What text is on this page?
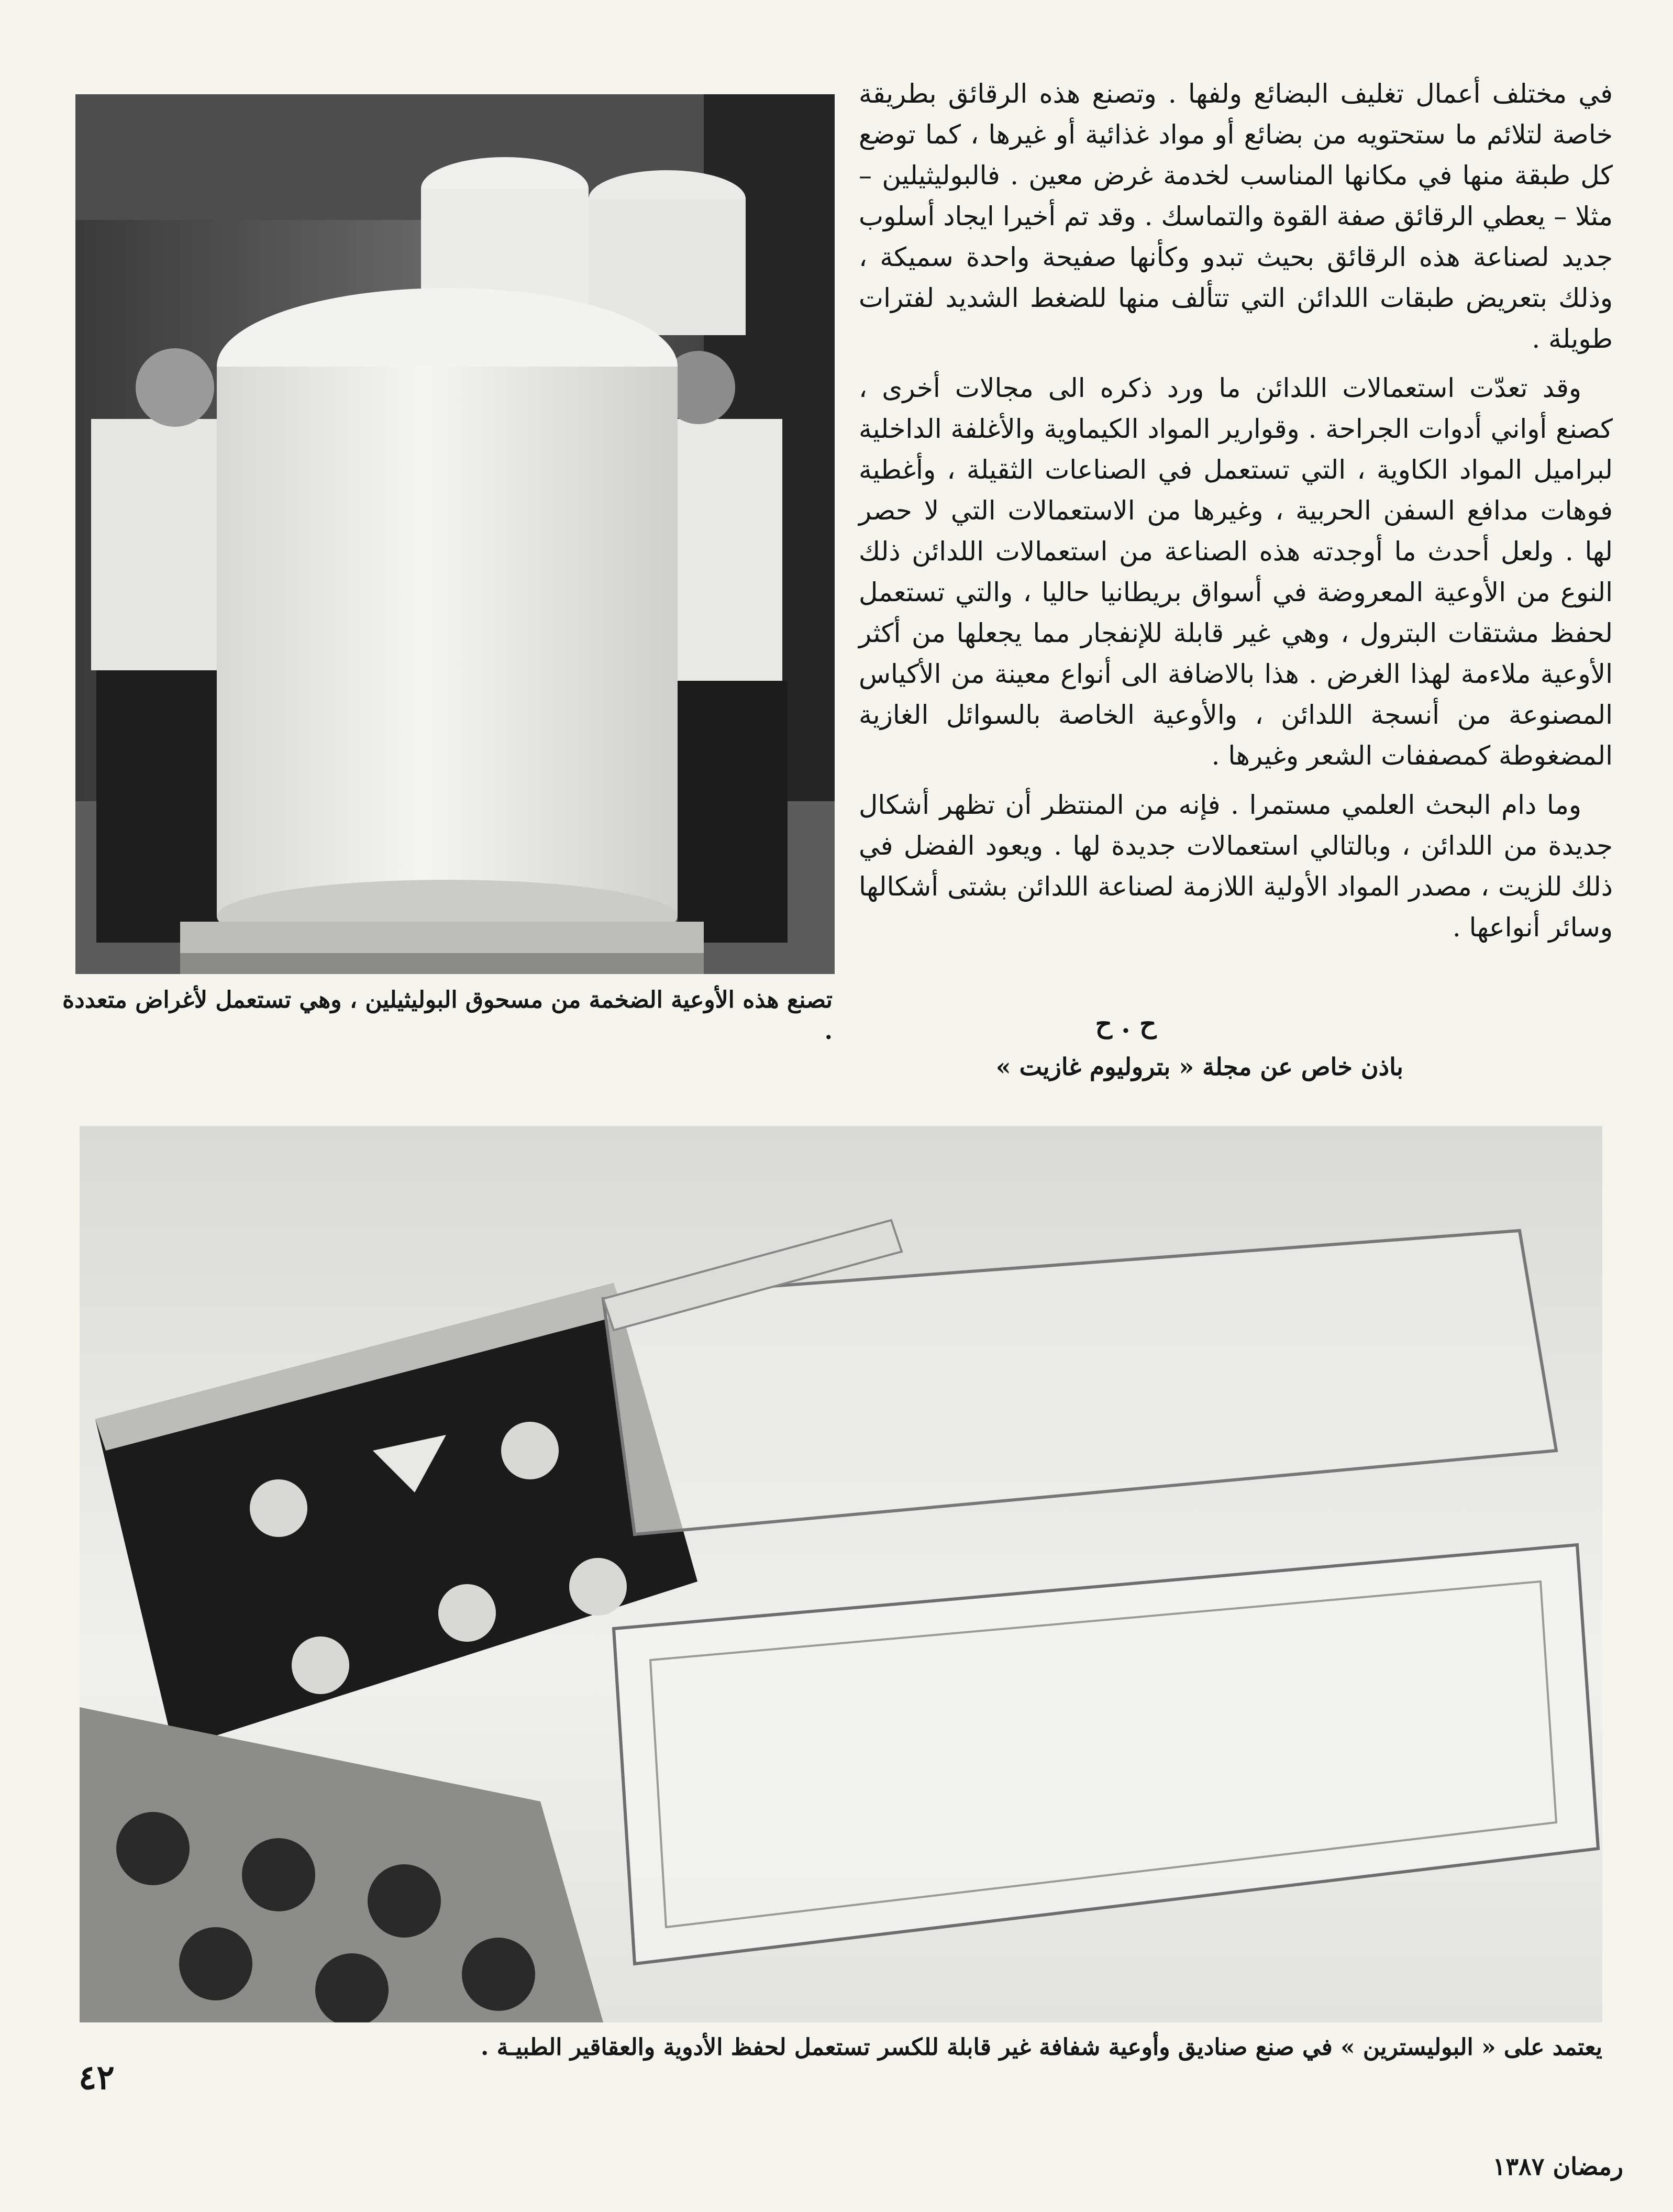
في مختلف أعمال تغليف البضائع ولفها . وتصنع هذه الرقائق بطريقة خاصة لتلائم ما ستحتويه من بضائع أو مواد غذائية أو غيرها ، كما توضع كل طبقة منها في مكانها المناسب لخدمة غرض معين . فالبوليثيلين – مثلا – يعطي الرقائق صفة القوة والتماسك . وقد تم أخيرا ايجاد أسلوب جديد لصناعة هذه الرقائق بحيث تبدو وكأنها صفيحة واحدة سميكة ، وذلك بتعريض طبقات اللدائن التي تتألف منها للضغط الشديد لفترات طويلة .

وقد تعدّت استعمالات اللدائن ما ورد ذكره الى مجالات أخرى ، كصنع أواني أدوات الجراحة . وقوارير المواد الكيماوية والأغلفة الداخلية لبراميل المواد الكاوية ، التي تستعمل في الصناعات الثقيلة ، وأغطية فوهات مدافع السفن الحربية ، وغيرها من الاستعمالات التي لا حصر لها . ولعل أحدث ما أوجدته هذه الصناعة من استعمالات اللدائن ذلك النوع من الأوعية المعروضة في أسواق بريطانيا حاليا ، والتي تستعمل لحفظ مشتقات البترول ، وهي غير قابلة للإنفجار مما يجعلها من أكثر الأوعية ملاءمة لهذا الغرض . هذا بالاضافة الى أنواع معينة من الأكياس المصنوعة من أنسجة اللدائن ، والأوعية الخاصة بالسوائل الغازية المضغوطة كمصففات الشعر وغيرها .

وما دام البحث العلمي مستمرا . فإنه من المنتظر أن تظهر أشكال جديدة من اللدائن ، وبالتالي استعمالات جديدة لها . ويعود الفضل في ذلك للزيت ، مصدر المواد الأولية اللازمة لصناعة اللدائن بشتى أشكالها وسائر أنواعها .

تصنع هذه الأوعية الضخمة من مسحوق البوليثيلين ، وهي تستعمل لأغراض متعددة .	ح . ح
باذن خاص عن مجلة « بتروليوم غازيت »
يعتمد على « البوليسترين » في صنع صناديق وأوعية شفافة غير قابلة للكسر تستعمل لحفظ الأدوية والعقاقير الطبيـة .
٤٢
رمضان ١٣٨٧
